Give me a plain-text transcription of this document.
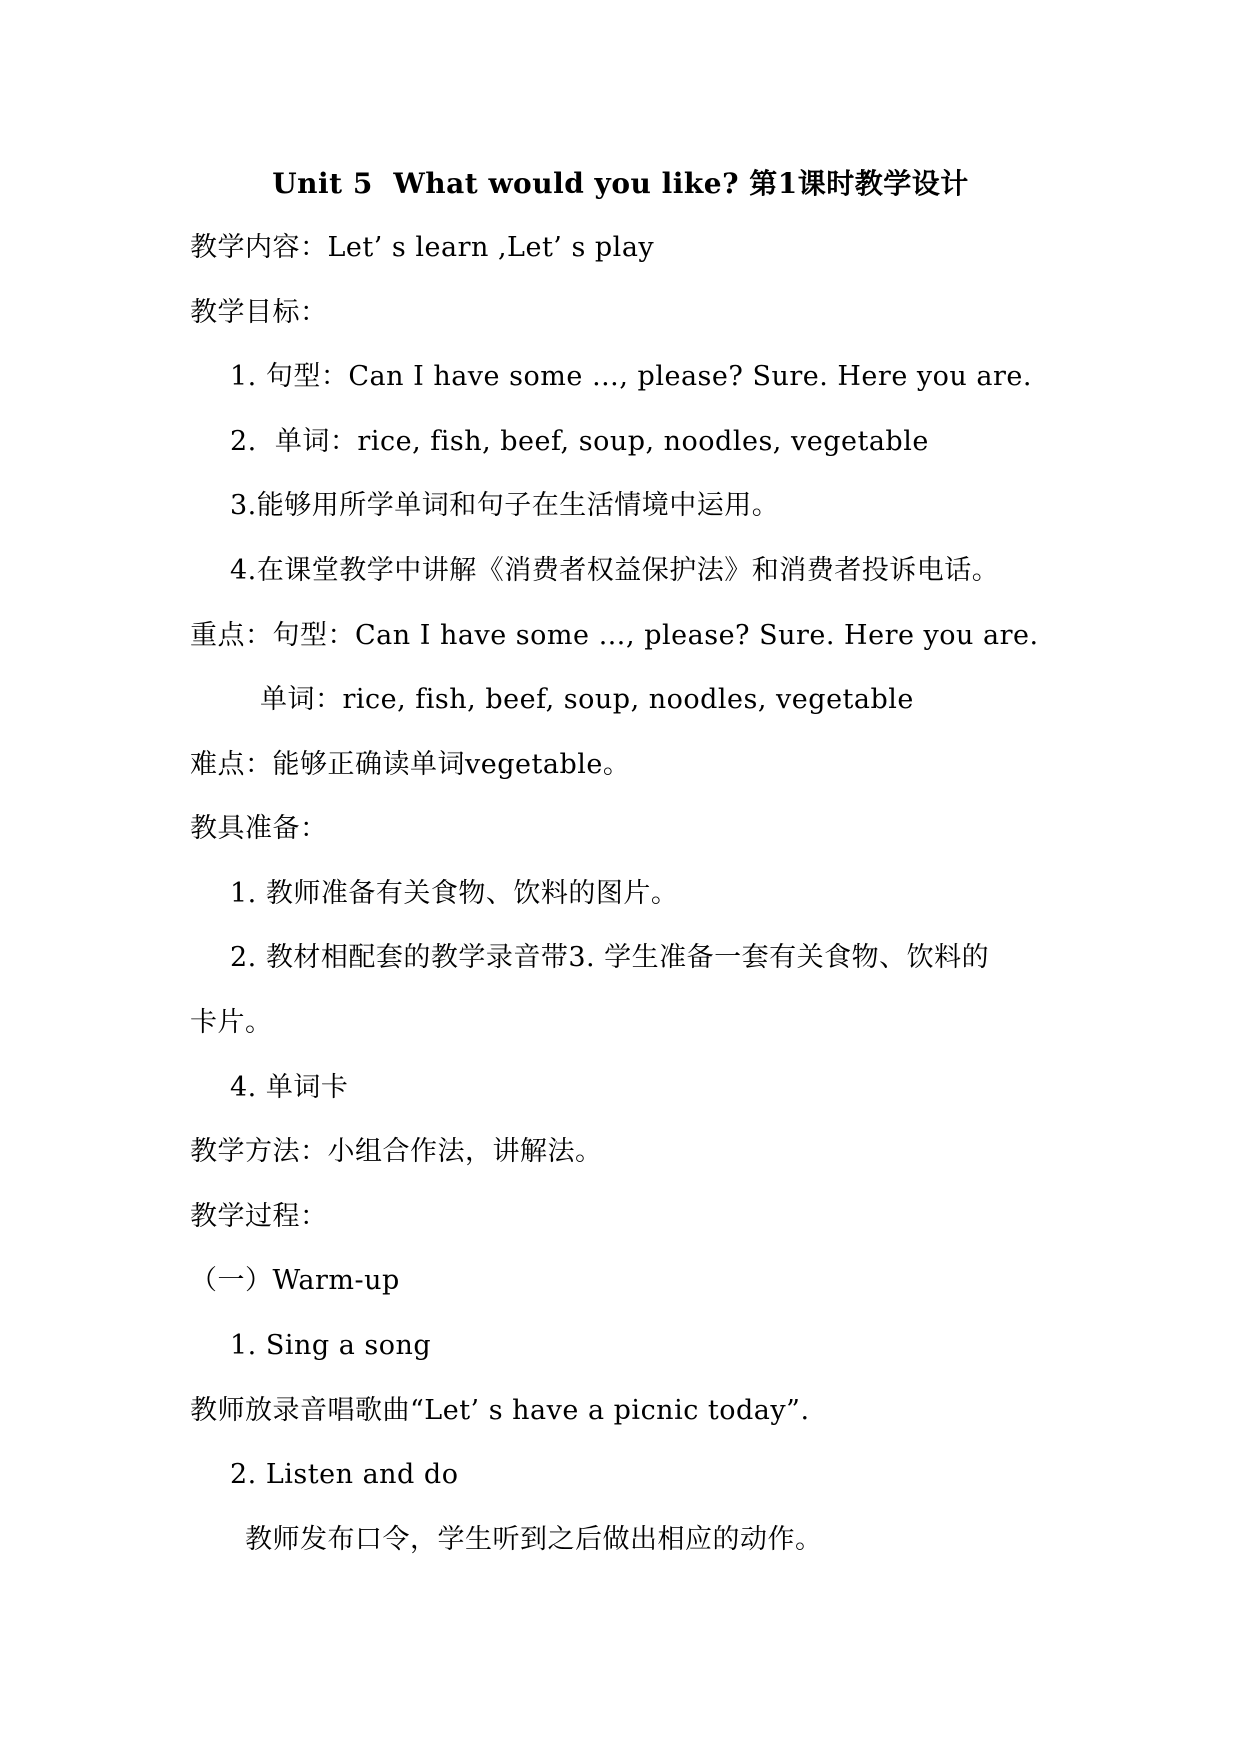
Unit 5  What would you like? 第1课时教学设计
教学内容：Let’ s learn ,Let’ s play
教学目标：
1. 句型：Can I have some …, please? Sure. Here you are.
2.  单词：rice, fish, beef, soup, noodles, vegetable
3.能够用所学单词和句子在生活情境中运用。
4.在课堂教学中讲解《消费者权益保护法》和消费者投诉电话。
重点：句型：Can I have some …, please? Sure. Here you are.
单词：rice, fish, beef, soup, noodles, vegetable
难点：能够正确读单词vegetable。
教具准备：
1. 教师准备有关食物、饮料的图片。
2. 教材相配套的教学录音带3. 学生准备一套有关食物、饮料的
卡片。
4. 单词卡
教学方法：小组合作法，讲解法。
教学过程：
（一）Warm-up
1. Sing a song
教师放录音唱歌曲“Let’ s have a picnic today”.
2. Listen and do
教师发布口令，学生听到之后做出相应的动作。
